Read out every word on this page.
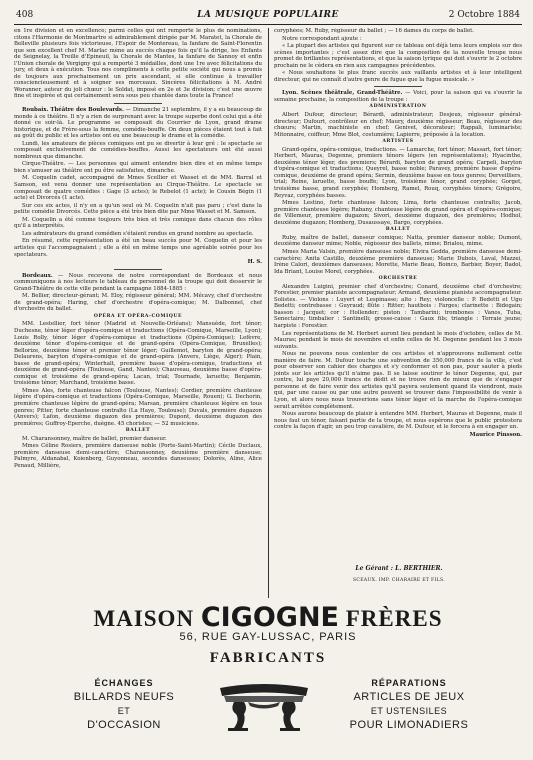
408	LA MUSIQUE POPULAIRE	2 Octobre 1884

en 1re division et en excellence; parmi celles qui ont remporté le plus de nominations, citons l'Harmonie de Montmartre si admirablement dirigée par M. Maratet, la Chorale de Belleville plusieurs fois victorieuse, l'Espoir de Montereau, la fanfare de Saint-Florentin que son excellent chef M. Marlac mène au succès chaque fois qu'il la dirige, les Enfants de Seignelay, la Treille d'Epineuil, la Chorale de Mantes, la fanfare de Sannoy et enfin l'Union chorale de Vergigny qui a remporté 3 médailles, dont une 1re avec félicitations du jury, et deux à exécution. Tous nos compliments à cette petite société qui nous a promis de toujours aux prochainement un prix ascendant, si elle continue à travailler consciencieusement et à soigner ses morceaux. Sincères félicitations à M. André Woranner, auteur du joli chœur : le Soldat, imposé en 2e et 3e division; c'est une œuvre fine et inspirée et qui certainement sera sous peu chantée dans toute la France!

Roubaix. Théâtre des Boulevards. — Dimanche 21 septembre, il y a eu beaucoup de monde à ce théâtre. Il n'y a rien de surprenant avec la troupe superbe dont celui qui a été donné ce soir-là. Le programme se composait du Courrier de Lyon, grand drame historique, et de Frère-sous la femme, comédie-bouffe. On deux pièces étaient tout à fait au goût du public et les artistes ont eu une beaucoup le drame et la comédie.

Lundi, les amateurs de pièces comiques ont pu se divertir à leur gré : le spectacle se composait exclusivement de comédies-bouffes. Aussi les spectateurs ont été aussi nombreux que dimanche.

Cirque-Théâtre. — Les personnes qui aiment entendre bien dire et en même temps bien s'amuser au théâtre ont pu être satisfaites, dimanche.

M. Coquelin cadet, accompagné de Mmes Scellier et Wasset et de MM. Barral et Samson, est venu donner une représentation au Cirque-Théâtre. Le spectacle se composait de quatre comédies : Gage (3 actes); le Rebelot (1 acte); le Cousin Bégin (1 acte) et Divorcés (1 acte).

Sur ces six actes, il n'y en a qu'un seul où M. Coquelin n'ait pas paru ; c'est dans la petite comédie Divorcés. Cette pièce a été très bien dite par Mme Wasset et M. Samson.

M. Coquelin a été comme toujours très bien et très comique dans chacun des rôles qu'il a interprétés.

Les admirateurs du grand comédien s'étaient rendus en grand nombre au spectacle.

En résumé, cette représentation a été un beau succès pour M. Coquelin et pour les artistes qui l'accompagnaient ; elle a été en même temps une agréable soirée pour les spectateurs.

H. S.

Bordeaux. — Nous recevons de notre correspondant de Bordeaux et nous communiquons à nos lecteurs le tableau du personnel de la troupe qui doit desservir le Grand-Théâtre de cette ville pendant la campagne 1884-1885 :

M. Bellier, directeur-gérant; M. Eloy, régisseur général; MM. Mécavy, chef d'orchestre de grand-opéra; Haring, chef d'orchestre d'opéra-comique; M. Dalbonnel, chef d'orchestre du ballet.

OPÉRA ET OPÉRA-COMIQUE

MM. Lestellier, fort ténor (Madrid et Nouvelle-Orléans); Mansuède, fort ténor; Duchesne, ténor léger d'opéra-comique et traductions (Opéra-Comique, Marseille, Lyon); Louis Rolly, ténor léger d'opéra-comique et traductions (Opéra-Comique); Lefèvre, deuxième ténor d'opéra-comique et de grand-opéra (Opéra-Comique, Bruxelles); Bellorize, deuxième ténor et premier ténor léger; Guillemot, baryton de grand-opéra; Delaurens, baryton d'opéra-comique et de grand-opéra (Anvers, Liège, Alger); Plain, basse de grand-opéra; Winterhalt, première basse d'opéra-comique, traductions et deuxième de grand-opéra (Toulouse, Gand, Nantes); Chauveau, deuxième basse d'opéra-comique et troisième de grand-opéra; Lacan, trial; Tournade, laruette; Benjamin, troisième ténor; Marchand, troisième basse.

Mmes Ales, forte chanteuse falcon (Toulouse, Nantes); Cordier, première chanteuse légère d'opéra-comique et traductions (Opéra-Comique, Marseille, Rouen); G. Dechorin, première chanteuse légère de grand-opéra; Marsan, première chanteuse légère en tous genres; Pitter, forte chanteuse contralto (La Haye, Toulouse); Duvals, première dugazon (Anvers); Lafon, deuxième dugazon des premières; Dupont, deuxième dugazon des premières; Guffroy-Eperche, duègne. 45 choristes; — 52 musiciens.

BALLET

M. Charansonney, maître de ballet, premier danseur.

Mmes Céline Rosiers, première danseuse noble (Porte-Saint-Martin); Cécile Duclaux, première danseuse demi-caractère; Charansonney, deuxième première danseuse; Palmyre, Aldanabal, Koienberg, Guyonneau, secondes danseuses; Dolorès, Aline, Alice Penaud, Millière,

coryphées; M. Ruby, régisseur du ballet ; — 16 dames du corps de ballet.

Notre correspondant ajoute :

« La plupart des artistes qui figurent sur ce tableau ont déjà tenu leurs emplois sur des scènes importantes ; c'est assez dire que la composition de la nouvelle troupe nous promet de brillantes représentations, et que la saison lyrique qui doit s'ouvrir le 2 octobre prochain ne le cèdera en rien aux campagnes précédentes.

« Nous souhaitons le plus franc succès aux vaillants artistes et à leur intelligent directeur, qui ne connaît d'autre genre de fugue que la fugue musicale. »

Lyon. Scènes théâtrale, Grand-Théâtre. — Voici, pour la saison qui va s'ouvrir la semaine prochaine, la composition de la troupe :

ADMINISTRATION

Albert Dufour, directeur; Bérardi, administrateur; Desjeux, régisseur général-directeur; Dufourt, contrôleur en chef; Maury, deuxième régisseur; Beau, régisseur des chœurs; Martin, machiniste en chef; Genivet, décorateur; Rappali, luminariste; Mitonnaire, coiffeur; Mme Blot, costumière; Lapierre, préposée à la location.

ARTISTES

Grand-opéra, opéra-comique, traductions. — Lamarche, fort ténor; Massart, fort ténor; Herbert, Mauras, Degenne, premiers ténors légers (en représentations); Hyacinthe, deuxième ténor léger, des premiers; Bérardi, baryton de grand opéra; Carpeli, baryton d'opéra-comique et traductions; Queyrel, basse noble; Paravey, première basse d'opéra-comique, deuxième de grand opéra; Sermin, deuxième basse en tous genres; Derveilliers, trial; Reine, laruette, basse bouffe; Lyon, troisième ténor, grand coryphée; Gorget, troisième basse, grand coryphée; Homberg, Ramel, Rouq, coryphées ténors; Grégoire, Reyvaz, coryphées basses.

Mmes Lestino, forte chanteuse falcon; Lima, forte chanteuse contralto; Jacob, première chanteuse légère; Rabany, chanteuse légère de grand opéra et d'opéra-comique; de Villemeur, première dugazon; Sivori, deuxième dugazon, des premières; Hodhol, deuxième dugazon; Homberg, Dusaussaye, Bargo, coryphées.

BALLET

Ruby, maître de ballet, danseur comique; Natta, premier danseur noble; Dumont, deuxième danseur mime; Noble, régisseur des ballets, mime; Brialou, mime.

Mmes Maria Valsin, première danseuse noble; Elvira Gedda, première danseuse demi-caractère; Anita Castillo, deuxième première danseuse; Marie Dubois, Laval, Mazzei, Irène Calori, deuxièmes danseuses; Morette, Marie Beau, Boinco, Barbier, Boyer, Badol, Ida Briant, Louise Morel, coryphées.

ORCHESTRE

Alexandre Luigini, premier chef d'orchestre; Conard, deuxième chef d'orchestre; Forestier, premier pianiste accompagnateur; Armand, deuxième pianiste accompagnateur. Solistes. — Violons : Luyert et Lespinasse; alto : Rey; violoncelle : P. Bedetti et Ugo Bedetti; contrebasse : Guyraud; flûte : Ritter; hautbois : Farges; clarinette : Bidegain; basson : Jacquet; cor : Hollender; piston : Tambarini; trombones : Vanos, Tuba, Senectaire; timbalier : Santinelli; grosse-caisse : Gaux fils; triangle : Terraie jeune; harpiste : Forestier.

Les représentations de M. Herbert auront lieu pendant le mois d'octobre, celles de M. Mauras; pendant le mois de novembre et enfin celles de M. Degenne pendant les 3 mois suivants.

Nous ne pouvons nous contenter de ces artistes et n'approuvons nullement cette manière de faire. M. Dufour touche une subvention de 350,000 francs de la ville, c'est pour observer son cahier des charges et s'y conformer et non pas, pour sauter à pieds joints sur les articles qu'il n'aime pas. Il se laisse soutirer le ténor Degenne, qui, par contre, lui paye 20,000 francs de dédit et ne trouve rien de mieux que de s'engager personne et de faire venir des artistes qu'il payera seulement quand ils viendront, mais qui, par une cause ou par une autre peuvent se trouver dans l'impossibilité de venir à Lyon, et alors nous nous trouverions sans ténor léger et la marche de l'opéra-comique serait arrêtée complètement.

Nous aurons beaucoup de plaisir à entendre MM. Herbert, Mauras et Degenne, mais il nous faut un ténor, faisant partie de la troupe, et nous espérons que le public protestera contre la façon d'agir, un peu trop cavalière, de M. Dufour, et le forcera à en engager un.

Maurice Pinsson.
Le Gérant : L. BERTHIER.
SCEAUX. IMP. CHARAIRE ET FILS.
MAISON CIGOGNE FRÈRES
56, RUE GAY-LUSSAC, PARIS
FABRICANTS
ÉCHANGES
BILLARDS NEUFS
ET
D'OCCASION
RÉPARATIONS
ARTICLES DE JEUX
ET USTENSILES
POUR LIMONADIERS
